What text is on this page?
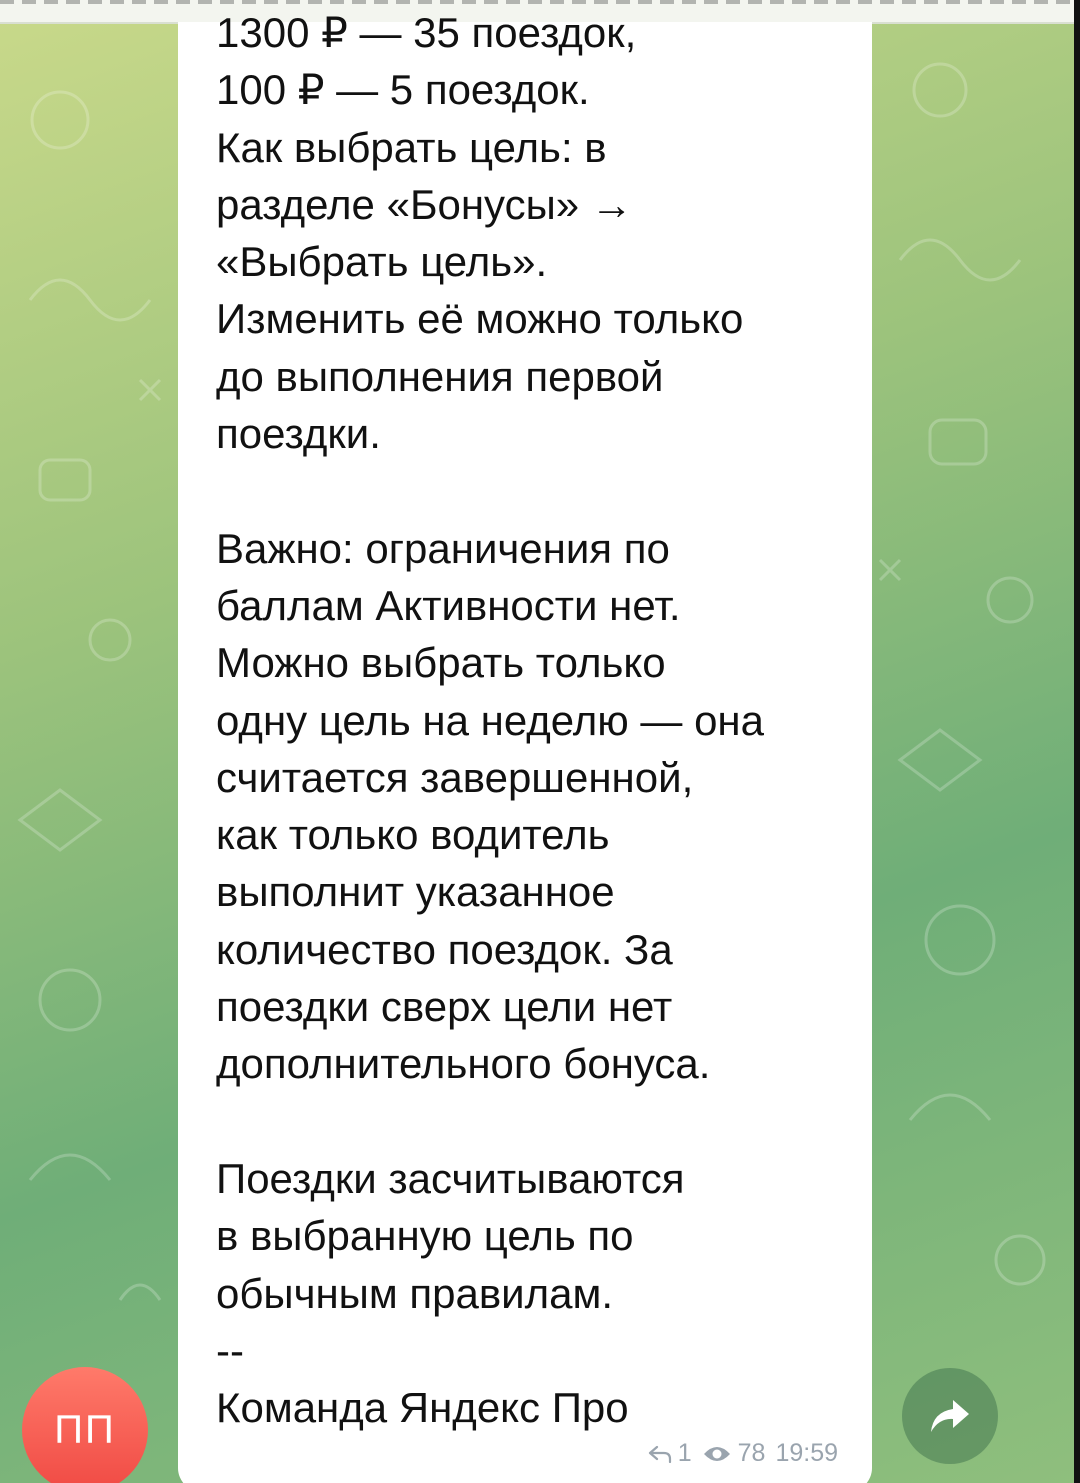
1300 ₽ — 35 поездок,
100 ₽ — 5 поездок.
Как выбрать цель: в
разделе «Бонусы» →
«Выбрать цель».
Изменить её можно только
до выполнения первой
поездки.

Важно: ограничения по
баллам Активности нет.
Можно выбрать только
одну цель на неделю — она
считается завершенной,
как только водитель
выполнит указанное
количество поездок. За
поездки сверх цели нет
дополнительного бонуса.

Поездки засчитываются
в выбранную цель по
обычным правилам.
--
Команда Яндекс Про

1 78 19:59
ПП
